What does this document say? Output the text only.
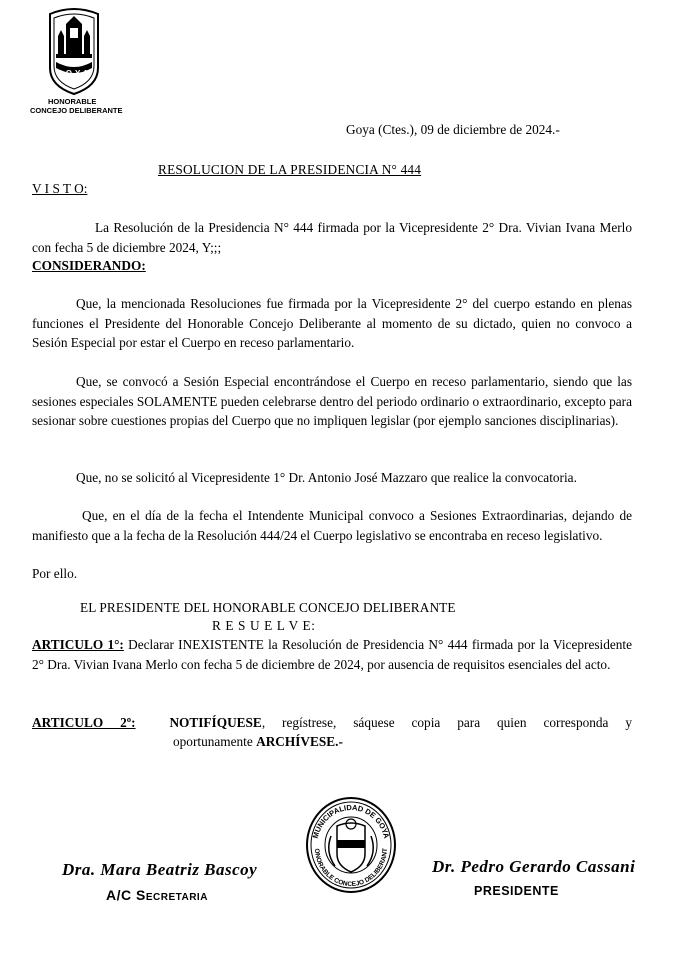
GOYA
HONORABLE
CONCEJO DELIBERANTE
Goya (Ctes.), 09 de diciembre de 2024.-
RESOLUCION DE LA PRESIDENCIA N° 444
V I S T O:
La Resolución de la Presidencia N° 444 firmada por la Vicepresidente 2° Dra. Vivian Ivana Merlo con fecha 5 de diciembre 2024, Y;;;
CONSIDERANDO:
Que, la mencionada Resoluciones fue firmada por la Vicepresidente 2° del cuerpo estando en plenas funciones el Presidente del Honorable Concejo Deliberante al momento de su dictado, quien no convoco a Sesión Especial por estar el Cuerpo en receso parlamentario.
Que, se convocó a Sesión Especial encontrándose el Cuerpo en receso parlamentario, siendo que las sesiones especiales SOLAMENTE pueden celebrarse dentro del periodo ordinario o extraordinario, excepto para sesionar sobre cuestiones propias del Cuerpo que no impliquen legislar (por ejemplo sanciones disciplinarias).
Que, no se solicitó al Vicepresidente 1° Dr. Antonio José Mazzaro que realice la convocatoria.
Que, en el día de la fecha el Intendente Municipal convoco a Sesiones Extraordinarias, dejando de manifiesto que a la fecha de la Resolución 444/24 el Cuerpo legislativo se encontraba en receso legislativo.
Por ello.
EL PRESIDENTE DEL HONORABLE CONCEJO DELIBERANTE
R E S U E L V E:
ARTICULO 1°: Declarar INEXISTENTE la Resolución de Presidencia N° 444 firmada por la Vicepresidente 2° Dra. Vivian Ivana Merlo con fecha 5 de diciembre de 2024, por ausencia de requisitos esenciales del acto.
ARTICULO 2º:	NOTIFÍQUESE, regístrese, sáquese copia para quien corresponda y
oportunamente ARCHÍVESE.-
MUNICIPALIDAD DE GOYA
ONORABLE CONCEJO DELIBERANT
Dra. Mara Beatriz Bascoy
A/C Secretaria
Dr. Pedro Gerardo Cassani
PRESIDENTE
